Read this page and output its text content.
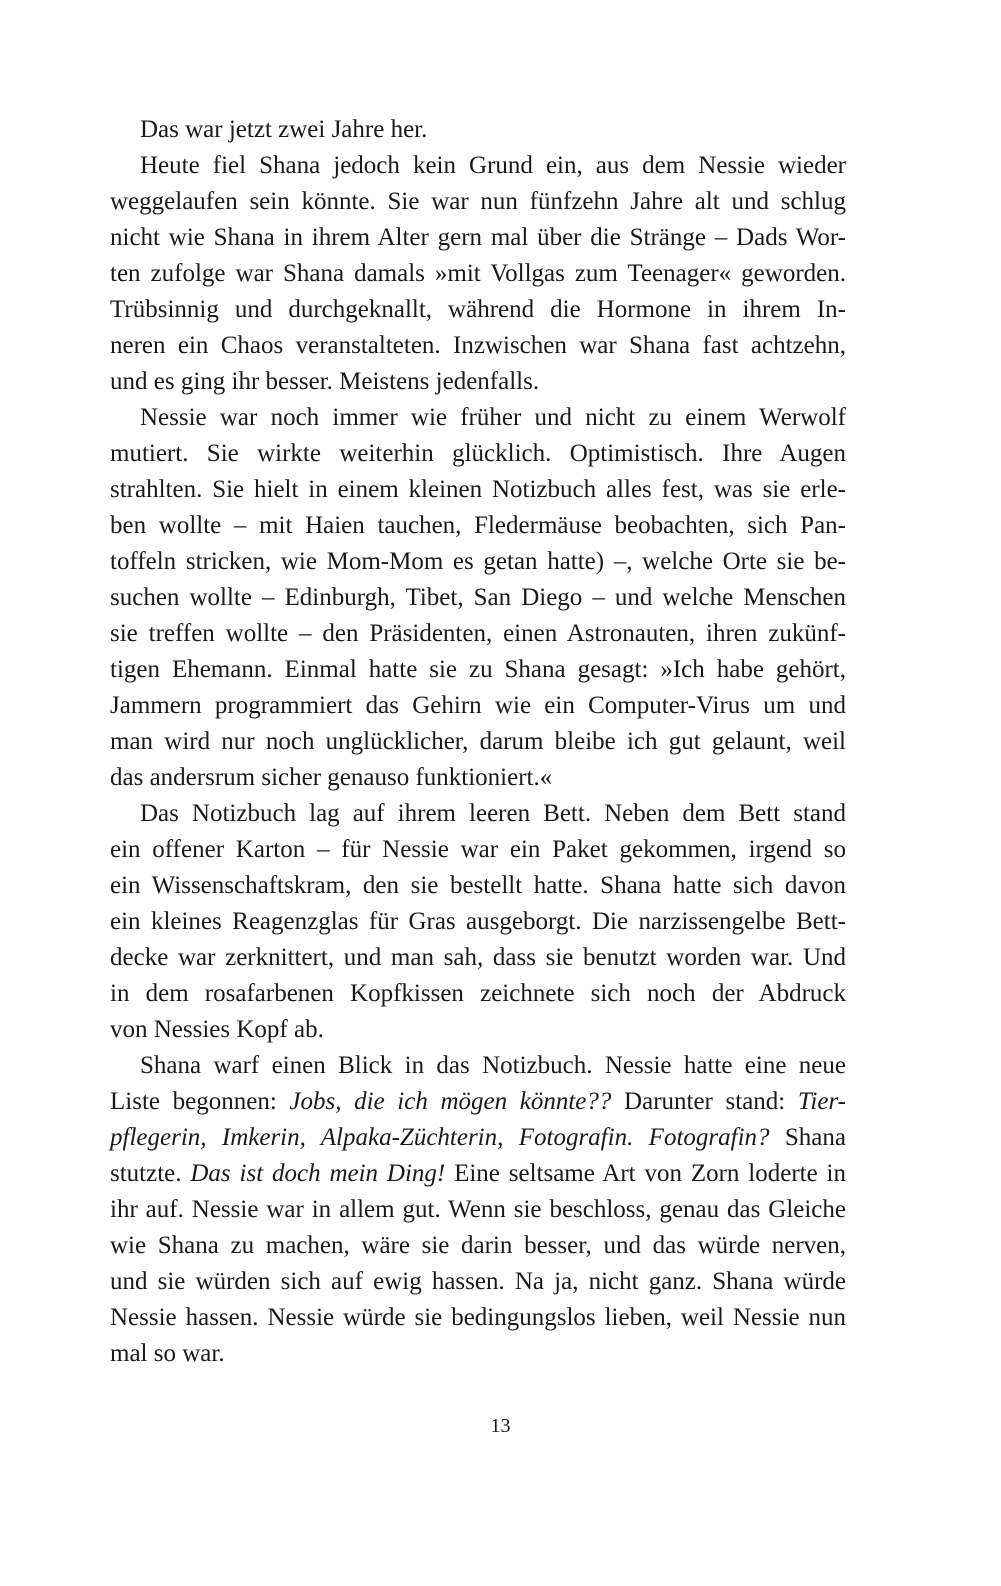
Das war jetzt zwei Jahre her.
Heute fiel Shana jedoch kein Grund ein, aus dem Nessie wieder
weggelaufen sein könnte. Sie war nun fünfzehn Jahre alt und schlug
nicht wie Shana in ihrem Alter gern mal über die Stränge – Dads Wor-
ten zufolge war Shana damals »mit Vollgas zum Teenager« geworden.
Trübsinnig und durchgeknallt, während die Hormone in ihrem In-
neren ein Chaos veranstalteten. Inzwischen war Shana fast achtzehn,
und es ging ihr besser. Meistens jedenfalls.
Nessie war noch immer wie früher und nicht zu einem Werwolf
mutiert. Sie wirkte weiterhin glücklich. Optimistisch. Ihre Augen
strahlten. Sie hielt in einem kleinen Notizbuch alles fest, was sie erle-
ben wollte – mit Haien tauchen, Fledermäuse beobachten, sich Pan-
toffeln stricken, wie Mom-Mom es getan hatte) –, welche Orte sie be-
suchen wollte – Edinburgh, Tibet, San Diego – und welche Menschen
sie treffen wollte – den Präsidenten, einen Astronauten, ihren zukünf-
tigen Ehemann. Einmal hatte sie zu Shana gesagt: »Ich habe gehört,
Jammern programmiert das Gehirn wie ein Computer-Virus um und
man wird nur noch unglücklicher, darum bleibe ich gut gelaunt, weil
das andersrum sicher genauso funktioniert.«
Das Notizbuch lag auf ihrem leeren Bett. Neben dem Bett stand
ein offener Karton – für Nessie war ein Paket gekommen, irgend so
ein Wissenschaftskram, den sie bestellt hatte. Shana hatte sich davon
ein kleines Reagenzglas für Gras ausgeborgt. Die narzissengelbe Bett-
decke war zerknittert, und man sah, dass sie benutzt worden war. Und
in dem rosafarbenen Kopfkissen zeichnete sich noch der Abdruck
von Nessies Kopf ab.
Shana warf einen Blick in das Notizbuch. Nessie hatte eine neue
Liste begonnen: Jobs, die ich mögen könnte?? Darunter stand: Tier-
pflegerin, Imkerin, Alpaka-Züchterin, Fotografin. Fotografin? Shana
stutzte. Das ist doch mein Ding! Eine seltsame Art von Zorn loderte in
ihr auf. Nessie war in allem gut. Wenn sie beschloss, genau das Gleiche
wie Shana zu machen, wäre sie darin besser, und das würde nerven,
und sie würden sich auf ewig hassen. Na ja, nicht ganz. Shana würde
Nessie hassen. Nessie würde sie bedingungslos lieben, weil Nessie nun
mal so war.
13
